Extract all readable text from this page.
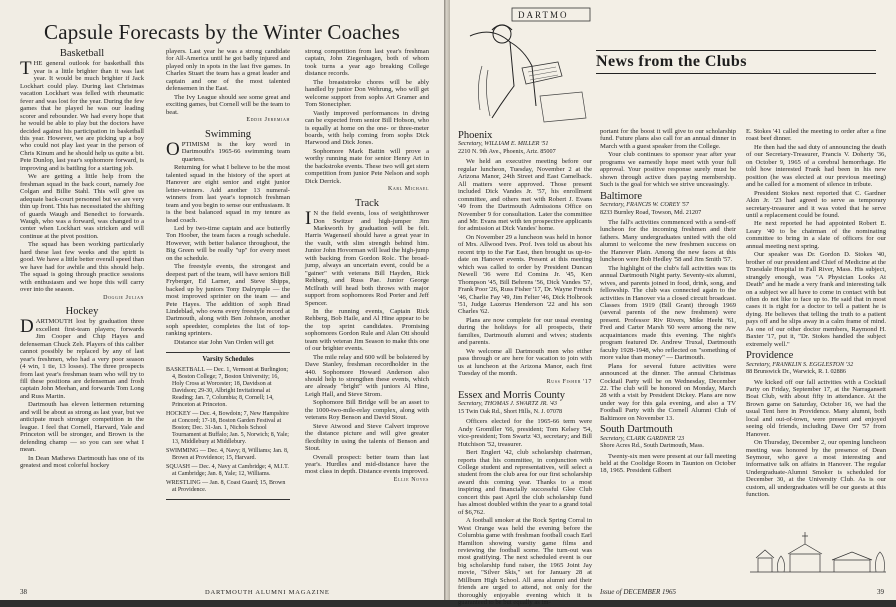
Capsule Forecasts by the Winter Coaches
Basketball

THE general outlook for basketball this year is a little brighter than it was last year. It would be much brighter if Jack Lockhart could play. During last Christmas vacation Lockhart was felled with rheumatic fever and was lost for the year. During the few games that he played he was our leading scorer and rebounder. We had every hope that he would be able to play but the doctors have decided against his participation in basketball this year. However, we are picking up a boy who could not play last year in the person of Chris Kinum and he should help us quite a bit. Pete Dunlop, last year's sophomore forward, is improving and is battling for a starting job.

We are getting a little help from the freshman squad in the back court, namely Joe Colgan and Billie Stahl. This will give us adequate back-court personnel but we are very thin up front. This has necessitated the shifting of guards Waugh and Benedict to forwards. Waugh, who was a forward, was changed to a center when Lockhart was stricken and will continue at the pivot position.

The squad has been working particularly hard these last few weeks and the spirit is good. We have a little better overall speed than we have had for awhile and this should help. The squad is going through practice sessions with enthusiasm and we hope this will carry over into the season.

Doggie Julian
Hockey

DARTMOUTH lost by graduation three excellent first-team players; forwards Jim Cooper and Chip Hayes and defenseman Chuck Zeh. Players of this caliber cannot possibly be replaced by any of last year's freshmen, who had a very poor season (4 win, 1 tie, 13 losses). The three prospects from last year's freshman team who will try to fill these positions are defenseman and frosh captain John Meehan, and forwards Tom Long and Russ Martin.

Dartmouth has eleven lettermen returning and will be about as strong as last year, but we anticipate much stronger competition in the league. I feel that Cornell, Harvard, Yale and Princeton will be stronger, and Brown is the defending champ — so you can see what I mean.

In Dean Mathews Dartmouth has one of its greatest and most colorful hockey

players. Last year he was a strong candidate for All-America until he got badly injured and played only in spots in the last five games. In Charles Stuart the team has a great leader and captain and one of the most talented defensemen in the East.

The Ivy League should see some great and exciting games, but Cornell will be the team to beat.

Eddie Jeremiah
Swimming

OPTIMISM is the key word in Dartmouth's 1965-66 swimming team quarters.

Returning for what I believe to be the most talented squad in the history of the sport at Hanover are eight senior and eight junior letter-winners. Add another 13 numeral-winners from last year's topnotch freshman team and you begin to sense our enthusiasm. It is the best balanced squad in my tenure as head coach.

Led by two-time captain and ace butterfly Ton Hoober, the team faces a rough schedule. However, with better balance throughout, the Big Green will be really "up" for every meet on the schedule.

The freestyle events, the strongest and deepest part of the team, will have seniors Bill Fryberger, Ed Larner, and Steve Shipps, backed up by juniors Tony Dalrymple — the most improved sprinter on the team — and Pete Hayes. The addition of soph Brad Lindeblad, who owns every freestyle record at Dartmouth, along with Ben Johnson, another soph speedster, completes the list of top-ranking sprinters.

Distance star John Van Orden will get

Varsity Schedules

BASKETBALL — Dec. 1, Vermont at Burlington; 4, Boston College; 7, Boston University; 16, Holy Cross at Worcester; 18, Davidson at Davidson; 29-30, Albright Invitational at Reading; Jan. 7, Columbia; 8, Cornell; 14, Princeton at Princeton.

HOCKEY — Dec. 4, Bowdoin; 7, New Hampshire at Concord; 17-18, Boston Garden Festival at Boston; Dec. 31-Jan. 1, Nichols School Tournament at Buffalo; Jan. 5, Norwich; 8, Yale; 13, Middlebury at Middlebury.

SWIMMING — Dec. 4, Navy; 8, Williams; Jan. 8, Brown at Providence; 15, Harvard.

SQUASH — Dec. 4, Navy at Cambridge; 4, M.I.T. at Cambridge; Jan. 8, Yale; 12, Williams.

WRESTLING — Jan. 8, Coast Guard; 15, Brown at Providence.

strong competition from last year's freshman captain, John Ziegenhagen, both of whom took turns a year ago breaking College distance records.

The breaststroke chores will be ably handled by junior Don Wehrung, who will get welcome support from sophs Art Gramer and Tom Stonecipher.

Vastly improved performances in diving can be expected from senior Bill Hobson, who is equally at home on the one- or three-meter boards, with help coming from sophs Dick Harwood and Dick Jones.

Sophomore Mark Battin will prove a worthy running mate for senior Henry Art in the backstroke events. These two will get stern competition from junior Pete Nelson and soph Dick Derrick.

Karl Michael
Track

I N the field events, loss of weightthrower Don Switzer and high-jumper Jim Markworth by graduation will be felt. Harris Wagenseil should have a great year in the vault, with slim strength behind him. Junior John Hovorman will lead the high-jump with backing from Gordon Rolc. The broad-jump, always an uncertain event, could be a "gainer" with veterans Bill Hayden, Rick Rehberg, and Russ Pae. Junior George McIlrath will head both throws with major support from sophomores Rod Porter and Jeff Spencer.

In the running events, Captain Rick Rehberg, Bob Haile, and Al Hine appear to be the top sprint candidates. Promising sophomores Gordon Rule and Alan Ott should team with veteran Jim Season to make this one of our brighter events.

The mile relay and 600 will be bolstered by Dave Stanley, freshman recordholder in the 440. Sophomore Howard Anderson also should help to strengthen these events, which are already "bright" with juniors Al Hine, Leigh Hall, and Steve Strom.

Sophomore Bill Bridge will be an asset to the 1000-two-mile-relay complex, along with veterans Roy Benson and David Stout.

Steve Atwood and Steve Calvert improve the distance picture and will give greater flexibility in using the talents of Benson and Stout.

Overall prospect: better team than last year's. Hurdles and mid-distance have the most class in depth. Distance events improved.

Ellie Noyes
38	DARTMOUTH ALUMNI MAGAZINE
DARTMO
News from the Clubs
Phoenix
Secretary, WILLIAM E. MILLER '51
2210 N. 9th Ave., Phoenix, Ariz. 85007

We held an executive meeting before our regular luncheon, Tuesday, November 2 at the Arizona Manor, 24th Street and East Camelback. All matters were approved. Those present included Dick Vandes Jr. '57, his enrollment committee, and others met with Robert J. Evans '49 from the Dartmouth Admissions Office on November 9 for consultation. Later the committee and Mr. Evans met with ten prospective applicants for admission at Dick Vandes' home.

On November 29 a luncheon was held in honor of Mrs. Allwood Ives. Prof. Ives told us about his recent trip to the Far East, then brought us up-to-date on Hanover events. Present at this meeting which was called to order by President Duncan Newell '36 were Ed Comins Jr. '45, Ken Thompson '45, Bill Behrens '56, Dick Vandes '57, Frank Poor '26, Russ Fisher '17, Dr. Wayne French '46, Charlie Fay '49, Jim Felter '46, Dick Holbrook '51, Judge Lazerus Henderson '22 and his son Charles '62.

Plans are now complete for our usual evening during the holidays for all prospects, their families, Dartmouth alumni and wives; students and parents.

We welcome all Dartmouth men who either pass through or are here for vacation to join with us at luncheon at the Arizona Manor, each first Tuesday of the month.

Russ Fisher '17
Essex and Morris County
Secretary, THOMAS J. SWARTZ JR. '43
15 Twin Oak Rd., Short Hills, N. J. 07078

Officers elected for the 1965-66 term were Andy Gromiller '66, president; Tom Kelsey '54, vice-president; Tom Swartz '43, secretary; and Bill Hutchison '52, treasurer.

Bert Englert '42, club scholarship chairman, reports that his committee, in conjunction with College student and representatives, will select a student from the club area for our first scholarship award this coming year. Thanks to a most inspiring and financially successful Glee Club concert this past April the club scholarship fund has almost doubled within the year to a grand total of $6,762.

A football smoker at the Rock Spring Corral in West Orange was held the evening before the Columbia game with freshman football coach Earl Hamilton showing varsity game films and reviewing the football scene. The turn-out was most gratifying. The next scheduled event is our big scholarship fund raiser, the 1965 Joint Jay movie, "Silver Skis," set for January 28 at Millburn High School. All area alumni and their friends are urged to attend, not only for the thoroughly enjoyable evening which it is guaranteed to be but equally as im-

portant for the boost it will give to our scholarship fund. Future plans also call for an annual dinner in March with a guest speaker from the College.

Your club continues to sponsor year after year programs we earnestly hope meet with your full approval. Your positive response surely must be shown through active dues paying membership. Such is the goal for which we strive unceasingly.

Baltimore
Secretary, FRANCIS W. COREY '57
8233 Burnley Road, Towson, Md. 21207

The fall's activities commenced with a send-off luncheon for the incoming freshmen and their fathers. Many undergraduates united with the old alumni to welcome the new freshmen success on the Hanover Plain. Among the new faces at this luncheon were Bob Hedley '58 and Jim Smith '57.

The highlight of the club's fall activities was its annual Dartmouth Night party. Seventy-six alumni, wives, and parents joined in food, drink, song, and fellowship. The club was connected again to the activities in Hanover via a closed circuit broadcast. Classes from 1919 (Bill Grant) through 1969 (several parents of the new freshmen) were present. Professor Riv Rivers, Mike Heeht '61, Fred and Carter Marsh '60 were among the new acquaintances made this evening. The night's program featured Dr. Andrew Truxal, Dartmouth faculty 1928-1948, who reflected on "something of more value than money" — Dartmouth.

Plans for several future activities were announced at the dinner. The annual Christmas Cocktail Party will be on Wednesday, December 22. The club will be honored on Monday, March 28 with a visit by President Dickey. Plans are now under way for this gala evening, and also a TV Football Party with the Cornell Alumni Club of Baltimore on November 13.

South Dartmouth
Secretary, CLARK GARDNER '23
Shore Acres Rd., South Dartmouth, Mass.

Twenty-six men were present at our fall meeting held at the Coolidge Room in Taunton on October 18, 1965. President Gilbert

E. Stokes '41 called the meeting to order after a fine roast beef dinner.

He then had the sad duty of announcing the death of our Secretary-Treasurer, Francis V. Doherty '36, on October 9, 1965 of a cerebral hemorrhage. He told how interested Frank had been in his new position (he was elected at our previous meeting) and he called for a moment of silence in tribute.

President Stokes next reported that C. Gardner Akin Jr. '23 had agreed to serve as temporary secretary-treasurer and it was voted that he serve until a replacement could be found.

He next reported he had appointed Robert E. Leary '40 to be chairman of the nominating committee to bring in a slate of officers for our annual meeting next spring.

Our speaker was Dr. Gordon D. Stokes '40, brother of our president and Chief of Medicine at the Truesdale Hospital in Fall River, Mass. His subject, strangely enough, was "A Physician Looks At Death" and he made a very frank and interesting talk on a subject we all have to come in contact with but often do not like to face up to. He said that in most cases it is right for a doctor to tell a patient he is dying. He believes that telling the truth to a patient pays off and he slips away in a calm frame of mind. As one of our other doctor members, Raymond H. Baxter '17, put it, "Dr. Stokes handled the subject extremely well."

Providence
Secretary, FRANKLIN S. EGGLESTON '32
88 Brunswick Dr., Warwick, R. I. 02886

We kicked off our fall activities with a Cocktail Party on Friday, September 17, at the Narragansett Boat Club, with about fifty in attendance. At the Brown game on Saturday, October 16, we had the usual Tent here in Providence. Many alumni, both local and out-of-town, were present and enjoyed seeing old friends, including Dave Orr '57 from Hanover.

On Thursday, December 2, our opening luncheon meeting was honored by the presence of Dean Seymour, who gave a most interesting and informative talk on affairs in Hanover. The regular Undergraduate-Alumni Smoker is scheduled for December 30, at the University Club. As is our custom, all undergraduates will be our guests at this function.

Issue of DECEMBER 1965	39
